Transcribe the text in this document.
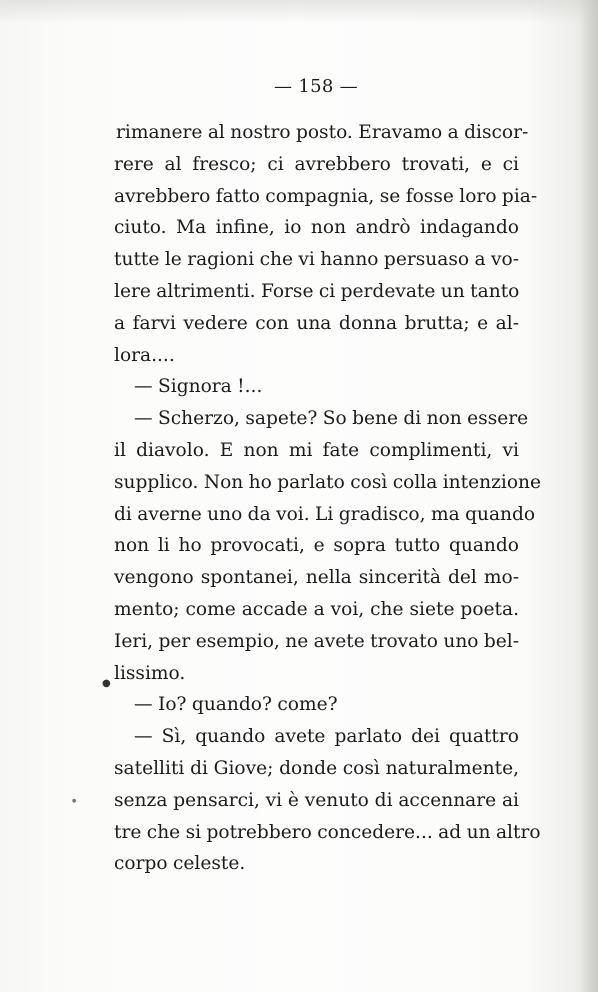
— 158 —
rimanere al nostro posto. Eravamo a discor-
rere al fresco; ci avrebbero trovati, e ci
avrebbero fatto compagnia, se fosse loro pia-
ciuto. Ma infine, io non andrò indagando
tutte le ragioni che vi hanno persuaso a vo-
lere altrimenti. Forse ci perdevate un tanto
a farvi vedere con una donna brutta; e al-
lora....
— Signora !...
— Scherzo, sapete? So bene di non essere
il diavolo. E non mi fate complimenti, vi
supplico. Non ho parlato così colla intenzione
di averne uno da voi. Li gradisco, ma quando
non li ho provocati, e sopra tutto quando
vengono spontanei, nella sincerità del mo-
mento; come accade a voi, che siete poeta.
Ieri, per esempio, ne avete trovato uno bel-
lissimo.
— Io? quando? come?
— Sì, quando avete parlato dei quattro
satelliti di Giove; donde così naturalmente,
senza pensarci, vi è venuto di accennare ai
tre che si potrebbero concedere... ad un altro
corpo celeste.
●
●
